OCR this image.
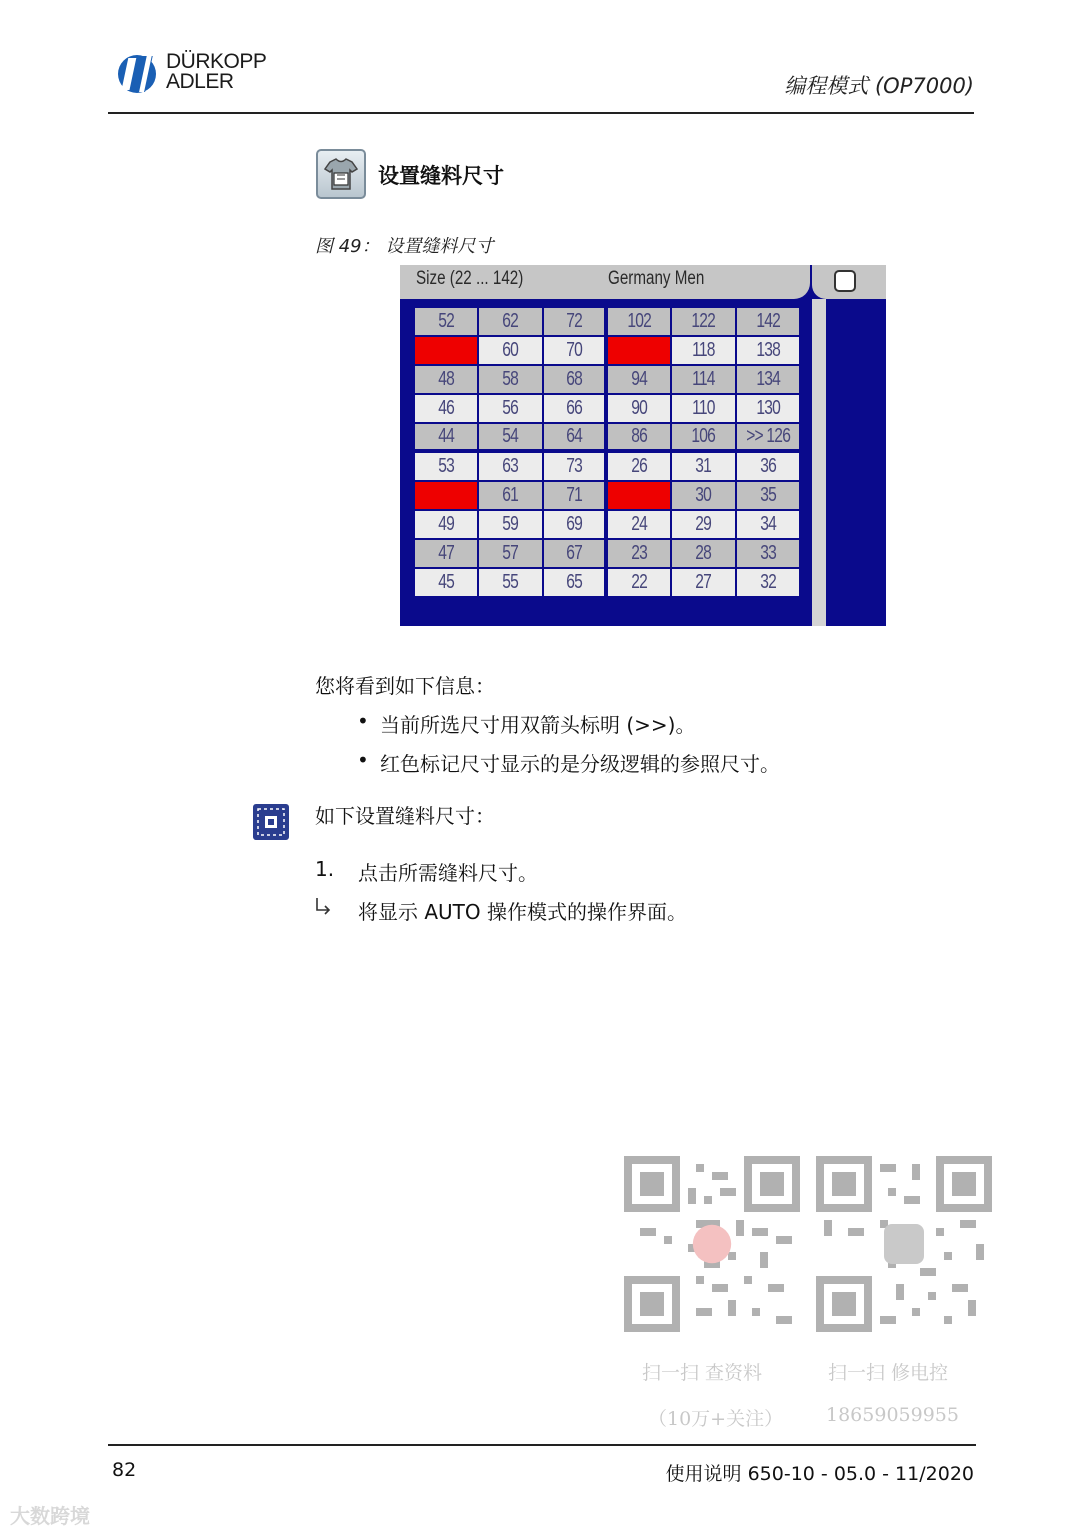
DÜRKOPP
ADLER	编程模式 (OP7000)
设置缝料尺寸
图 49： 设置缝料尺寸
Size (22 ... 142)	Germany Men
52 62 72 102 122 142
50 60 70 98 118 138
48 58 68 94 114 134
46 56 66 90 110 130
44 54 64 86 106 >> 126
53 63 73 26 31 36
51 61 71 25 30 35
49 59 69 24 29 34
47 57 67 23 28 33
45 55 65 22 27 32
您将看到如下信息：
• 当前所选尺寸用双箭头标明 (>>)。
• 红色标记尺寸显示的是分级逻辑的参照尺寸。
如下设置缝料尺寸：
1. 点击所需缝料尺寸。
将显示 AUTO 操作模式的操作界面。
扫一扫 查资料
（10万+关注）
扫一扫 修电控
18659059955
82	使用说明 650-10 - 05.0 - 11/2020
大数跨境
